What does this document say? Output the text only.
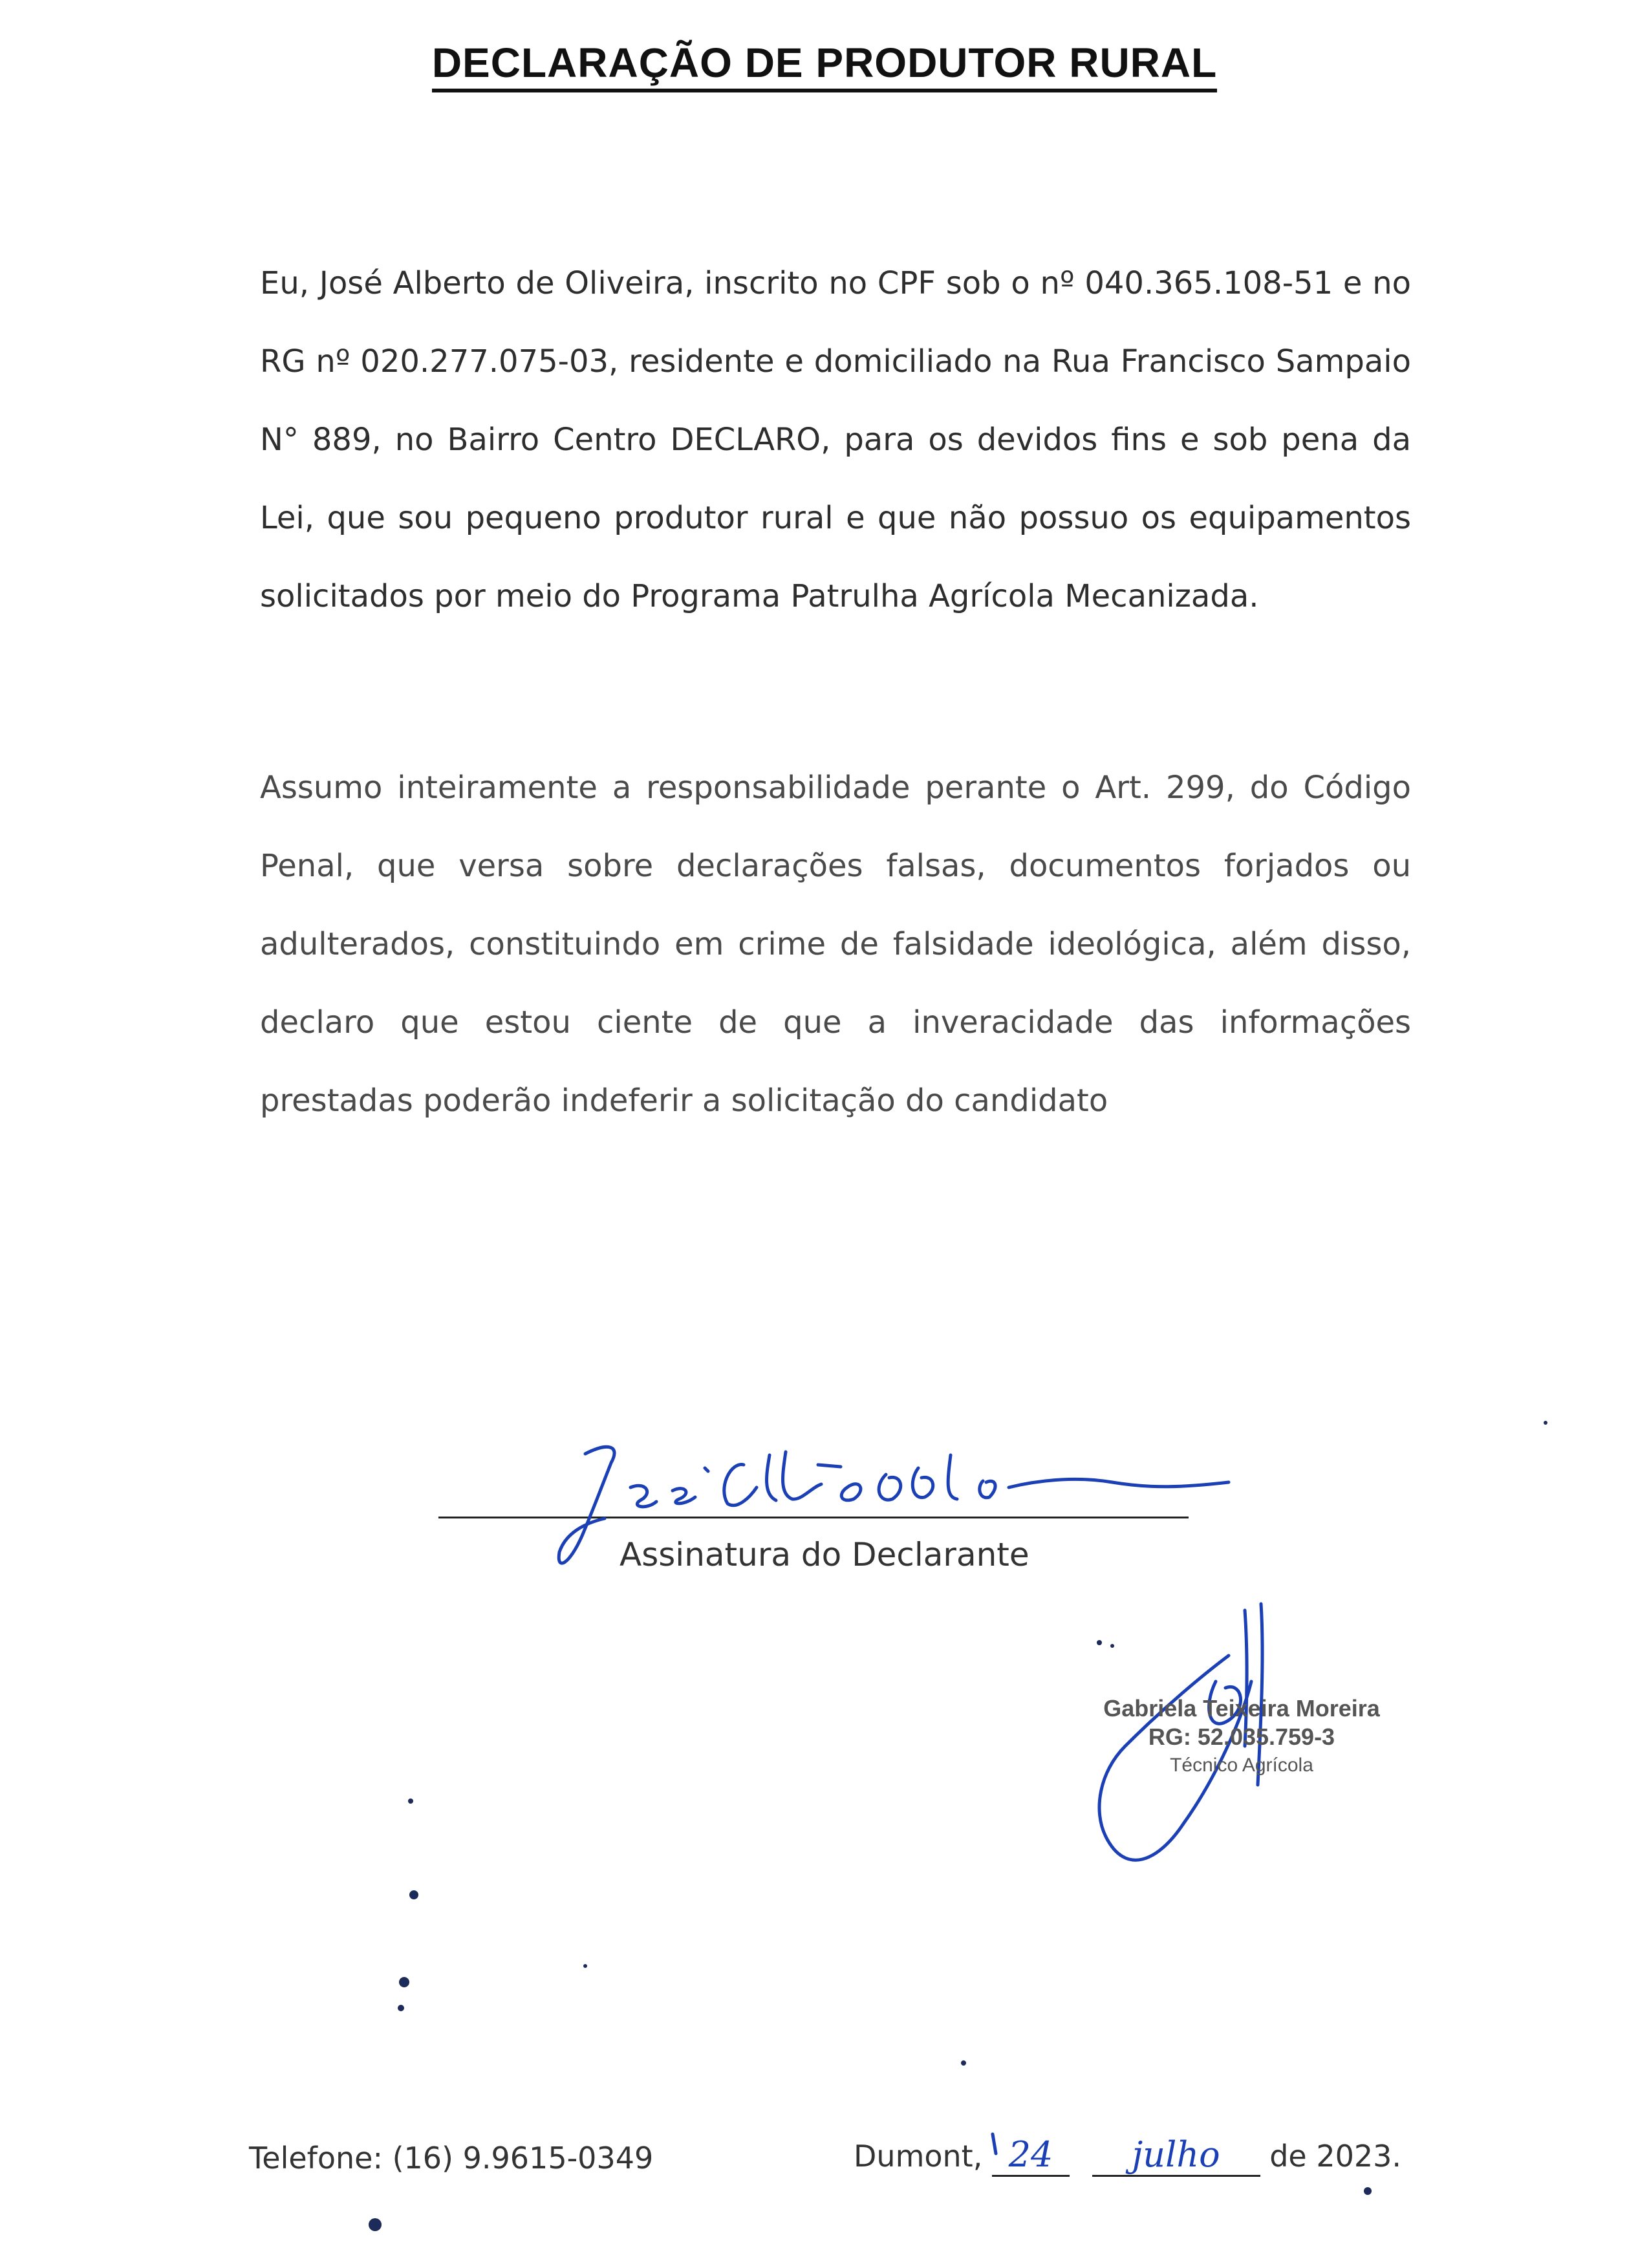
DECLARAÇÃO DE PRODUTOR RURAL

Eu, José Alberto de Oliveira, inscrito no CPF sob o nº 040.365.108-51 e no RG nº 020.277.075-03, residente e domiciliado na Rua Francisco Sampaio N° 889, no Bairro Centro DECLARO, para os devidos fins e sob pena da Lei, que sou pequeno produtor rural e que não possuo os equipamentos solicitados por meio do Programa Patrulha Agrícola Mecanizada.

Assumo inteiramente a responsabilidade perante o Art. 299, do Código Penal, que versa sobre declarações falsas, documentos forjados ou adulterados, constituindo em crime de falsidade ideológica, além disso, declaro que estou ciente de que a inveracidade das informações prestadas poderão indeferir a solicitação do candidato

Assinatura do Declarante
Gabriela Teixeira Moreira
RG: 52.035.759-3
Técnico Agrícola
Telefone: (16) 9.9615-0349	Dumont, 24 julho de 2023.
